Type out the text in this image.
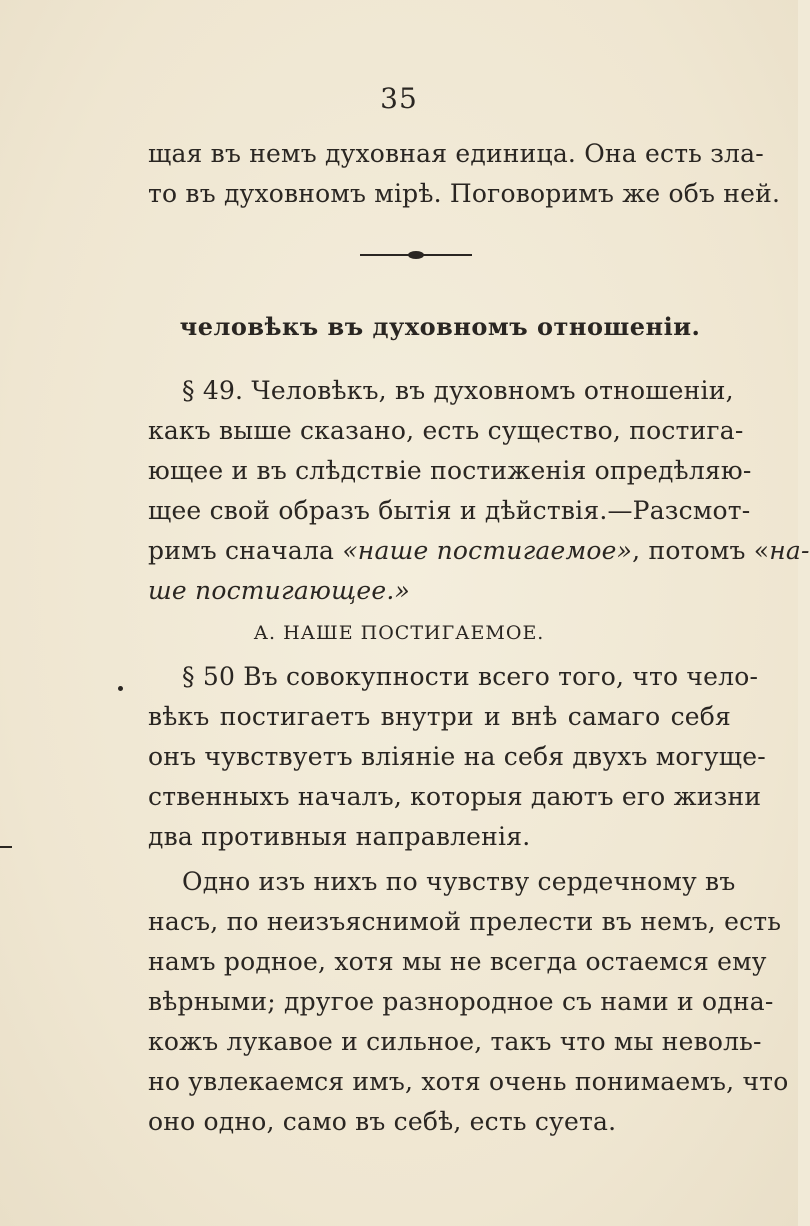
35
щая въ немъ духовная единица. Она есть зла-
то въ духовномъ мірѣ. Поговоримъ же объ ней.
человѣкъ въ духовномъ отношеніи.
§ 49. Человѣкъ, въ духовномъ отношеніи,
какъ выше сказано, есть существо, постига-
ющее и въ слѣдствіе постиженія опредѣляю-
щее свой образъ бытія и дѣйствія.—Разсмот-
римъ сначала «наше постигаемое», потомъ «на-
ше постигающее.»
А. НАШЕ ПОСТИГАЕМОЕ.
§ 50 Въ совокупности всего того, что чело-
вѣкъ постигаетъ внутри и внѣ самаго себя
онъ чувствуетъ вліяніе на себя двухъ могуще-
ственныхъ началъ, которыя даютъ его жизни
два противныя направленія.
Одно изъ нихъ по чувству сердечному въ
насъ, по неизъяснимой прелести въ немъ, есть
намъ родное, хотя мы не всегда остаемся ему
вѣрными; другое разнородное съ нами и одна-
кожъ лукавое и сильное, такъ что мы неволь-
но увлекаемся имъ, хотя очень понимаемъ, что
оно одно, само въ себѣ, есть суета.
